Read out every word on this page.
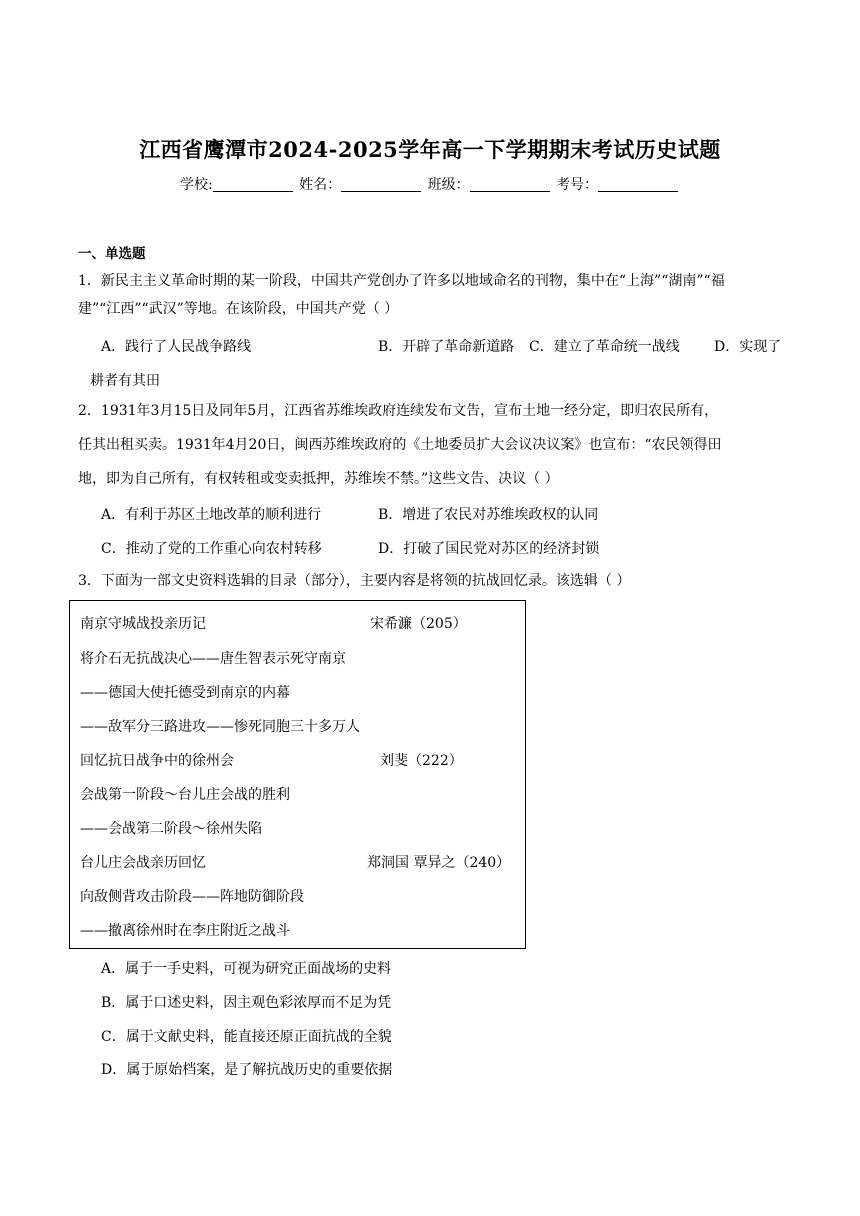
江西省鹰潭市2024-2025学年高一下学期期末考试历史试题
学校:	姓名：	班级：	考号：
一、单选题
1．新民主主义革命时期的某一阶段，中国共产党创办了许多以地域命名的刊物，集中在“上海”“湖南”“福
建”“江西”“武汉”等地。在该阶段，中国共产党（ ）
A．践行了人民战争路线	B．开辟了革命新道路 C．建立了革命统一战线 D．实现了
耕者有其田
2．1931年3月15日及同年5月，江西省苏维埃政府连续发布文告，宣布土地一经分定，即归农民所有，
任其出租买卖。1931年4月20日，闽西苏维埃政府的《土地委员扩大会议决议案》也宣布：“农民领得田
地，即为自己所有，有权转租或变卖抵押，苏维埃不禁。”这些文告、决议（ ）
A．有利于苏区土地改革的顺利进行	B．增进了农民对苏维埃政权的认同
C．推动了党的工作重心向农村转移	D．打破了国民党对苏区的经济封锁
3．下面为一部文史资料选辑的目录（部分），主要内容是将领的抗战回忆录。该选辑（ ）
南京守城战投亲历记	宋希濂（205）
将介石无抗战决心——唐生智表示死守南京
——德国大使托德受到南京的内幕
——敌军分三路进攻——惨死同胞三十多万人
回忆抗日战争中的徐州会	刘斐（222）
会战第一阶段～台儿庄会战的胜利
——会战第二阶段～徐州失陷
台儿庄会战亲历回忆	郑洞国 覃异之（240）
向敌侧背攻击阶段——阵地防御阶段
——撤离徐州时在李庄附近之战斗
A．属于一手史料，可视为研究正面战场的史料
B．属于口述史料，因主观色彩浓厚而不足为凭
C．属于文献史料，能直接还原正面抗战的全貌
D．属于原始档案，是了解抗战历史的重要依据
